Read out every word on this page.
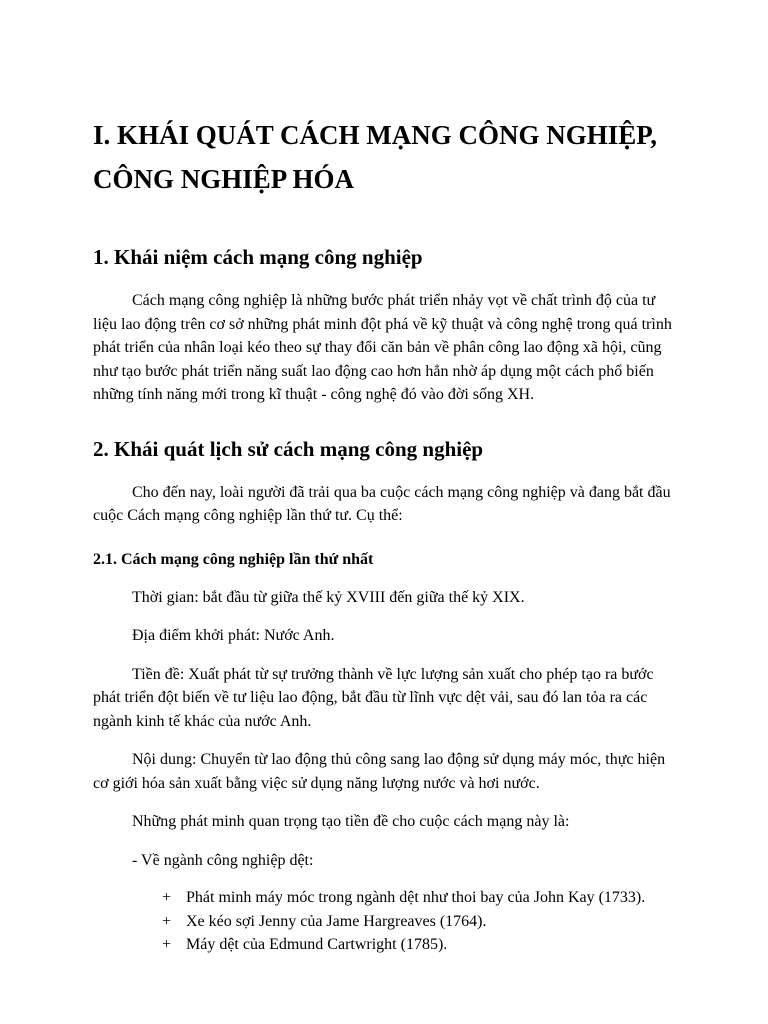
I. KHÁI QUÁT CÁCH MẠNG CÔNG NGHIỆP, CÔNG NGHIỆP HÓA
1. Khái niệm cách mạng công nghiệp

Cách mạng công nghiệp là những bước phát triển nhảy vọt về chất trình độ của tư liệu lao động trên cơ sở những phát minh đột phá về kỹ thuật và công nghệ trong quá trình phát triển của nhân loại kéo theo sự thay đổi căn bản về phân công lao động xã hội, cũng như tạo bước phát triển năng suất lao động cao hơn hẳn nhờ áp dụng một cách phổ biến những tính năng mới trong kĩ thuật - công nghệ đó vào đời sống XH.

2. Khái quát lịch sử cách mạng công nghiệp

Cho đến nay, loài người đã trải qua ba cuộc cách mạng công nghiệp và đang bắt đầu cuộc Cách mạng công nghiệp lần thứ tư. Cụ thể:

2.1. Cách mạng công nghiệp lần thứ nhất

Thời gian: bắt đầu từ giữa thế kỷ XVIII đến giữa thế kỷ XIX.

Địa điểm khởi phát: Nước Anh.

Tiền đề: Xuất phát từ sự trưởng thành về lực lượng sản xuất cho phép tạo ra bước phát triển đột biến về tư liệu lao động, bắt đầu từ lĩnh vực dệt vải, sau đó lan tỏa ra các ngành kinh tế khác của nước Anh.

Nội dung: Chuyển từ lao động thủ công sang lao động sử dụng máy móc, thực hiện cơ giới hóa sản xuất bằng việc sử dụng năng lượng nước và hơi nước.

Những phát minh quan trọng tạo tiền đề cho cuộc cách mạng này là:

- Về ngành công nghiệp dệt:

+ Phát minh máy móc trong ngành dệt như thoi bay của John Kay (1733).
+ Xe kéo sợi Jenny của Jame Hargreaves (1764).
+ Máy dệt của Edmund Cartwright (1785).
